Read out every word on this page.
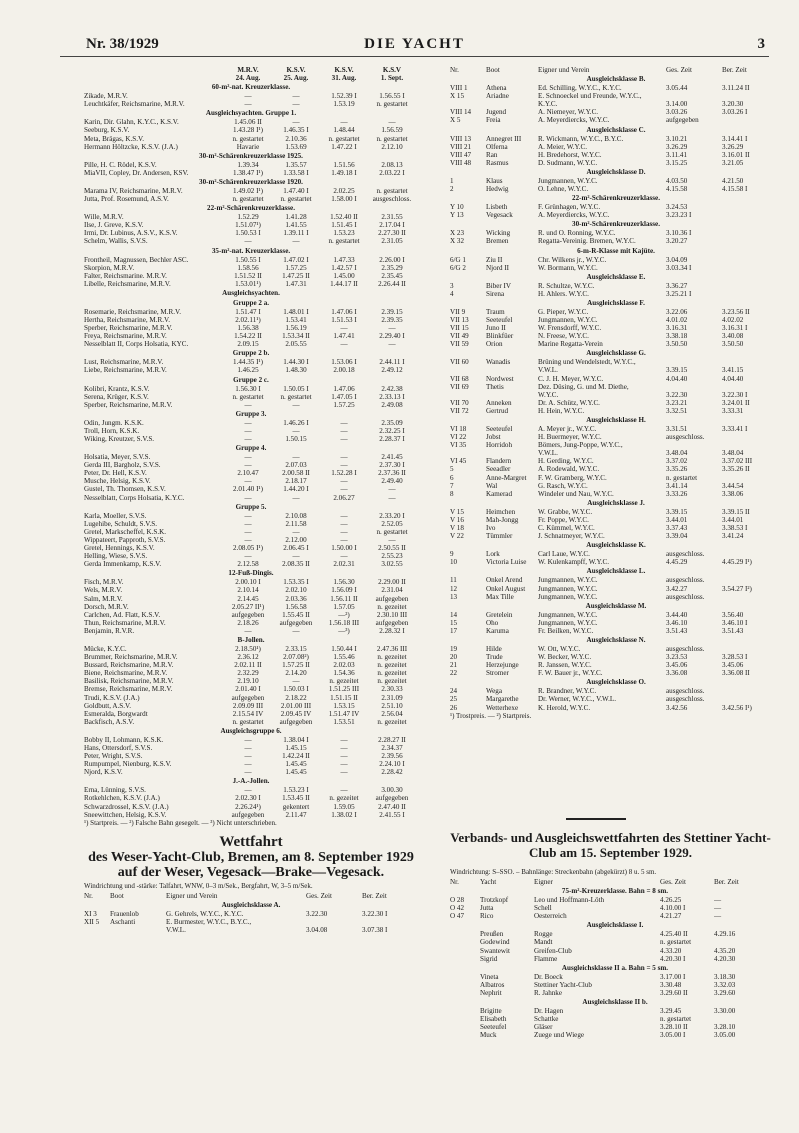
Nr. 38/1929	DIE YACHT	3
M.R.V.	K.S.V.	K.S.V.	K.S.V
24. Aug.	25. Aug.	31. Aug.	1. Sept.
60-m²-nat. Kreuzerklasse.
Zikade, M.R.V.	—	—	1.52.39 I	1.56.55 I
Leuchtkäfer, Reichsmarine, M.R.V.	—	—	1.53.19	n. gestartet
Ausgleichsyachten. Gruppe 1.
Karin, Dir. Glahn, K.Y.C., K.S.V.	1.45.06 II	—	—	—
Seeburg, K.S.V.	1.43.28 I¹)	1.46.35 I	1.48.44	1.56.59
Meta, Brägas, K.S.V.	n. gestartet	2.10.36	n. gestartet	n. gestartet
Hermann Höltzcke, K.S.V. (J.A.)	Havarie	1.53.69	1.47.22 I	2.12.10
30-m²-Schärenkreuzerklasse 1925.
Pille, H. C. Rödel, K.S.V.	1.39.34	1.35.57	1.51.56	2.08.13
MiaVII, Copley, Dr. Andersen, KSV.	1.38.47 I¹)	1.33.58 I	1.49.18 I	2.03.22 I
30-m²-Schärenkreuzerklasse 1920.
Marama IV, Reichsmarine, M.R.V.	1.49.02 I¹)	1.47.40 I	2.02.25	n. gestartet
Jutta, Prof. Rosemund, A.S.V.	n. gestartet	n. gestartet	1.58.00 I	ausgeschloss.
22-m²-Schärenkreuzerklasse.
Wille, M.R.V.	1.52.29	1.41.28	1.52.40 II	2.31.55
Ilse, J. Greve, K.S.V.	1.51.07¹)	1.41.55	1.51.45 I	2.17.04 I
Irmi, Dr. Lubinus, A.S.V., K.S.V.	1.50.53 I	1.39.11 I	1.53.23	2.27.30 II
Schelm, Wallis, S.V.S.	—	—	n. gestartet	2.31.05
35-m²-nat. Kreuzerklasse.
Frontheil, Magnussen, Bechler ASC.	1.50.55 I	1.47.02 I	1.47.33	2.26.00 I
Skorpion, M.R.V.	1.58.56	1.57.25	1.42.57 I	2.35.29
Falter, Reichsmarine. M.R.V.	1.51.52 II	1.47.25 II	1.45.00	2.35.45
Libelle, Reichsmarine, M.R.V.	1.53.01¹)	1.47.31	1.44.17 II	2.26.44 II
Ausgleichsyachten.
Gruppe 2 a.
Rosemarie, Reichsmarine, M.R.V.	1.51.47 I	1.48.01 I	1.47.06 I	2.39.15
Hertha, Reichsmarine, M.R.V.	2.02.11¹)	1.53.41	1.51.53 I	2.39.35
Sperber, Reichsmarine, M.R.V.	1.56.38	1.56.19	—	—
Freya, Reichsmarine, M.R.V.	1.54.22 II	1.53.34 II	1.47.41	2.29.40 I
Nesselblatt II, Corps Holsatia, KYC.	2.09.15	2.05.55	—	—
Gruppe 2 b.
Lust, Reichsmarine, M.R.V.	1.44.35 I¹)	1.44.30 I	1.53.06 I	2.44.11 I
Liebe, Reichsmarine, M.R.V.	1.46.25	1.48.30	2.00.18	2.49.12
Gruppe 2 c.
Kolibri, Krantz, K.S.V.	1.56.30 I	1.50.05 I	1.47.06	2.42.38
Serena, Krüger, K.S.V.	n. gestartet	n. gestartet	1.47.05 I	2.33.13 I
Sperber, Reichsmarine, M.R.V.	—	—	1.57.25	2.49.08
Gruppe 3.
Odin, Jungm. K.S.K.	—	1.46.26 I	—	2.35.09
Troll, Horn, K.S.K.	—	—	—	2.32.25 I
Wiking, Kreutzer, S.V.S.	—	1.50.15	—	2.28.37 I
Gruppe 4.
Holsatia, Meyer, S.V.S.	—	—	—	2.41.45
Gerda III, Bargholz, S.V.S.	—	2.07.03	—	2.37.30 I
Peter, Dr. Hell, K.S.V.	2.10.47	2.00.58 II	1.52.28 I	2.37.36 II
Musche, Helsig, K.S.V.	—	2.18.17	—	2.49.40
Gustel, Th. Thomsen, K.S.V.	2.01.40 I¹)	1.44.20 I	—	—
Nesselblatt, Corps Holsatia, K.Y.C.	—	—	2.06.27	—
Gruppe 5.
Karla, Moeller, S.V.S.	—	2.10.08	—	2.33.20 I
Lugehibe, Schuldt, S.V.S.	—	2.11.58	—	2.52.05
Gretel, Markscheffel, K.S.K.	—	—	—	n. gestartet
Wippateert, Papproth, S.V.S.	—	2.12.00	—	—
Gretel, Hennings, K.S.V.	2.08.05 I¹)	2.06.45 I	1.50.00 I	2.50.55 II
Helling, Wiese, S.V.S.	—	—	—	2.55.23
Gerda Immenkamp, K.S.V.	2.12.58	2.08.35 II	2.02.31	3.02.55
12-Fuß-Dingis.
Fisch, M.R.V.	2.00.10 I	1.53.35 I	1.56.30	2.29.00 II
Wels, M.R.V.	2.10.14	2.02.10	1.56.09 I	2.31.04
Salm, M.R.V.	2.14.45	2.03.36	1.56.11 II	aufgegeben
Dorsch, M.R.V.	2.05.27 II¹)	1.56.58	1.57.05	n. gezeitet
Carlchen, Ad. Flatt, K.S.V.	aufgegeben	1.55.45 II	—²)	2.30.10 III
Thun, Reichsmarine, M.R.V.	2.18.26	aufgegeben	1.56.18 III	aufgegeben
Benjamin, R.V.R.	—	—	—³)	2.28.32 I
B-Jollen.
Mücke, K.Y.C.	2.18.50¹)	2.33.15	1.50.44 I	2.47.36 III
Brummer, Reichsmarine, M.R.V.	2.36.12	2.07.08²)	1.55.46	n. gezeitet
Bussard, Reichsmarine, M.R.V.	2.02.11 II	1.57.25 II	2.02.03	n. gezeitet
Biene, Reichsmarine, M.R.V.	2.32.29	2.14.20	1.54.36	n. gezeitet
Basilisk, Reichsmarine, M.R.V.	2.19.10	—	n. gezeitet	n. gezeitet
Bremse, Reichsmarine, M.R.V.	2.01.40 I	1.50.03 I	1.51.25 III	2.30.33
Trudi, K.S.V. (J.A.)	aufgegeben	2.18.22	1.51.15 II	2.31.09
Goldbutt, A.S.V.	2.09.09 III	2.01.00 III	1.53.15	2.51.10
Esmeralda, Borgwardt	2.15.54 IV	2.09.45 IV	1.51.47 IV	2.56.04
Backfisch, A.S.V.	n. gestartet	aufgegeben	1.53.51	n. gezeitet
Ausgleichsgruppe 6.
Bobby II, Lohmann, K.S.K.	—	1.38.04 I	—	2.28.27 II
Hans, Ottersdorf, S.V.S.	—	1.45.15	—	2.34.37
Peter, Wright, S.V.S.	—	1.42.24 II	—	2.39.56
Rumpumpel, Nienburg, K.S.V.	—	1.45.45	—	2.24.10 I
Njord, K.S.V.	—	1.45.45	—	2.28.42
J.-A.-Jollen.
Erna, Lünning, S.V.S.	—	1.53.23 I	—	3.00.30
Rotkehlchen, K.S.V. (J.A.)	2.02.30 I	1.53.45 II	n. gezeitet	aufgegeben
Schwarzdrossel, K.S.V. (J.A.)	2.26.24¹)	gekentert	1.59.05	2.47.40 II
Sneewittchen, Helsig, K.S.V.	aufgegeben	2.11.47	1.38.02 I	2.41.55 I
¹) Startpreis. — ²) Falsche Bahn gesegelt. — ³) Nicht unterschrieben.
Wettfahrt
des Weser-Yacht-Club, Bremen, am 8. September 1929
auf der Weser, Vegesack—Brake—Vegesack.
Windrichtung und -stärke: Talfahrt, WNW, 0–3 m/Sek., Bergfahrt, W, 3–5 m/Sek.
Nr.	Boot	Eigner und Verein	Ges. Zeit	Ber. Zeit
Ausgleichsklasse A.
XI 3	Frauenlob	G. Gehrels, W.Y.C., K.Y.C.	3.22.30	3.22.30 I
XII 5	Aschanti	E. Burmester, W.Y.C., B.Y.C.,
V.W.L.	3.04.08	3.07.38 I
Nr.	Boot	Eigner und Verein	Ges. Zeit	Ber. Zeit
Ausgleichsklasse B.
VIII 1	Athena	Ed. Schilling, W.Y.C., K.Y.C.	3.05.44	3.11.24 II
X 15	Ariadne	E. Schnoeckel und Freunde, W.Y.C.,
K.Y.C.	3.14.00	3.20.30
VIII 14	Jugend	A. Niemeyer, W.Y.C.	3.03.26	3.03.26 I
X 5	Freia	A. Meyerdiercks, W.Y.C.	aufgegeben
Ausgleichsklasse C.
VIII 13	Annegret III	R. Wickmann, W.Y.C., B.Y.C.	3.10.21	3.14.41 I
VIII 21	Olferna	A. Meier, W.Y.C.	3.26.29	3.26.29
VIII 47	Ran	H. Bredehorst, W.Y.C.	3.11.41	3.16.01 II
VIII 48	Rasmus	D. Sudmann, W.Y.C.	3.15.25	3.21.05
Ausgleichsklasse D.
1	Klaus	Jungmannen, W.Y.C.	4.03.50	4.21.50
2	Hedwig	O. Lehne, W.Y.C.	4.15.58	4.15.58 I
22-m²-Schärenkreuzerklasse.
Y 10	Lisbeth	F. Grünhagen, W.Y.C.	3.24.53
Y 13	Vegesack	A. Meyerdiercks, W.Y.C.	3.23.23 I
30-m²-Schärenkreuzerklasse.
X 23	Wicking	R. und O. Ronning, W.Y.C.	3.10.36 I
X 32	Bremen	Regatta-Vereinig. Bremen, W.Y.C.	3.20.27
6-m-R-Klasse mit Kajüte.
6/G 1	Ziu II	Chr. Wilkens jr., W.Y.C.	3.04.09
6/G 2	Njord II	W. Bormann, W.Y.C.	3.03.34 I
Ausgleichsklasse E.
3	Biber IV	R. Schultze, W.Y.C.	3.36.27
4	Sirena	H. Ahlers. W.Y.C.	3.25.21 I
Ausgleichsklasse F.
VII 9	Traum	G. Pieper, W.Y.C.	3.22.06	3.23.56 II
VII 13	Seeteufel	Jungmannen, W.Y.C.	4.01.02	4.02.02
VII 15	Juno II	W. Frensdorff, W.Y.C.	3.16.31	3.16.31 I
VII 49	Blinkfüer	N. Freese, W.Y.C.	3.38.18	3.40.08
VII 59	Orion	Marine Regatta-Verein	3.50.50	3.50.50
Ausgleichsklasse G.
VII 60	Wanadis	Brüning und Wendelstedt, W.Y.C.,
V.W.L.	3.39.15	3.41.15
VII 68	Nordwest	C. J. H. Meyer, W.Y.C.	4.04.40	4.04.40
VII 69	Thetis	Dez. Düsing, G. und M. Diethe,
W.Y.C.	3.22.30	3.22.30 I
VII 70	Anneken	Dr. A. Schütz, W.Y.C.	3.23.21	3.24.01 II
VII 72	Gertrud	H. Hein, W.Y.C.	3.32.51	3.33.31
Ausgleichsklasse H.
VI 18	Seeteufel	A. Meyer jr., W.Y.C.	3.31.51	3.33.41 I
VI 22	Jobst	H. Buermeyer, W.Y.C.	ausgeschloss.
VI 35	Horridoh	Bömers, Jung-Poppe, W.Y.C.,
V.W.L.	3.48.04	3.48.04
VI 45	Flandern	H. Gerding, W.Y.C.	3.37.02	3.37.02 III
5	Seeadler	A. Rodewald, W.Y.C.	3.35.26	3.35.26 II
6	Anne-Margret	F. W. Gramberg, W.Y.C.	n. gestartet
7	Wal	G. Rasch, W.Y.C.	3.41.14	3.44.54
8	Kamerad	Windeler und Nau, W.Y.C.	3.33.26	3.38.06
Ausgleichsklasse J.
V 15	Heimchen	W. Grabbe, W.Y.C.	3.39.15	3.39.15 II
V 16	Mah-Jongg	Fr. Poppe, W.Y.C.	3.44.01	3.44.01
V 18	Ivo	C. Kümmel, W.Y.C.	3.37.43	3.38.53 I
V 22	Tümmler	J. Schnatmeyer, W.Y.C.	3.39.04	3.41.24
Ausgleichsklasse K.
9	Lork	Carl Laue, W.Y.C.	ausgeschloss.
10	Victoria Luise	W. Kulenkampff, W.Y.C.	4.45.29	4.45.29 I¹)
Ausgleichsklasse L.
11	Onkel Arend	Jungmannen, W.Y.C.	ausgeschloss.
12	Onkel August	Jungmannen, W.Y.C.	3.42.27	3.54.27 I²)
13	Max Tille	Jungmannen, W.Y.C.	ausgeschloss.
Ausgleichsklasse M.
14	Gretelein	Jungmannen, W.Y.C.	3.44.40	3.56.40
15	Oho	Jungmannen, W.Y.C.	3.46.10	3.46.10 I
17	Karuma	Fr. Beilken, W.Y.C.	3.51.43	3.51.43
Ausgleichsklasse N.
19	Hilde	W. Ott, W.Y.C.	ausgeschloss.
20	Trude	W. Becker, W.Y.C.	3.23.53	3.28.53 I
21	Herzejunge	R. Janssen, W.Y.C.	3.45.06	3.45.06
22	Stromer	F. W. Bauer jr., W.Y.C.	3.36.08	3.36.08 II
Ausgleichsklasse O.
24	Wega	R. Brandner, W.Y.C.	ausgeschloss.
25	Margarethe	Dr. Werner, W.Y.C., V.W.L.	ausgeschloss.
26	Wetterhexe	K. Herold, W.Y.C.	3.42.56	3.42.56 I¹)
¹) Trostpreis. — ²) Startpreis.
Verbands- und Ausgleichswettfahrten des Stettiner Yacht-Club am 15. September 1929.
Windrichtung: S–SSO. – Bahnlänge: Streckenbahn (abgekürzt) 8 u. 5 sm.
Nr.	Yacht	Eigner	Ges. Zeit	Ber. Zeit
75-m²-Kreuzerklasse. Bahn = 8 sm.
O 28	Trotzkopf	Leo und Hoffmann-Löth	4.26.25	—
O 42	Jutta	Schell	4.10.00 I	—
O 47	Rico	Oesterreich	4.21.27	—
Ausgleichsklasse I.
Preußen	Rogge	4.25.40 II	4.29.16
Godewind	Mandt	n. gestartet
Swantewit	Greifen-Club	4.33.20	4.35.20
Sigrid	Flamme	4.20.30 I	4.20.30
Ausgleichsklasse II a. Bahn = 5 sm.
Vineta	Dr. Boeck	3.17.00 I	3.18.30
Albatros	Stettiner Yacht-Club	3.30.48	3.32.03
Nephrit	R. Jahnke	3.29.60 II	3.29.60
Ausgleichsklasse II b.
Brigitte	Dr. Hagen	3.29.45	3.30.00
Elisabeth	Schattke	n. gestartet
Seeteufel	Gläser	3.28.10 II	3.28.10
Muck	Zuege und Wiege	3.05.00 I	3.05.00
